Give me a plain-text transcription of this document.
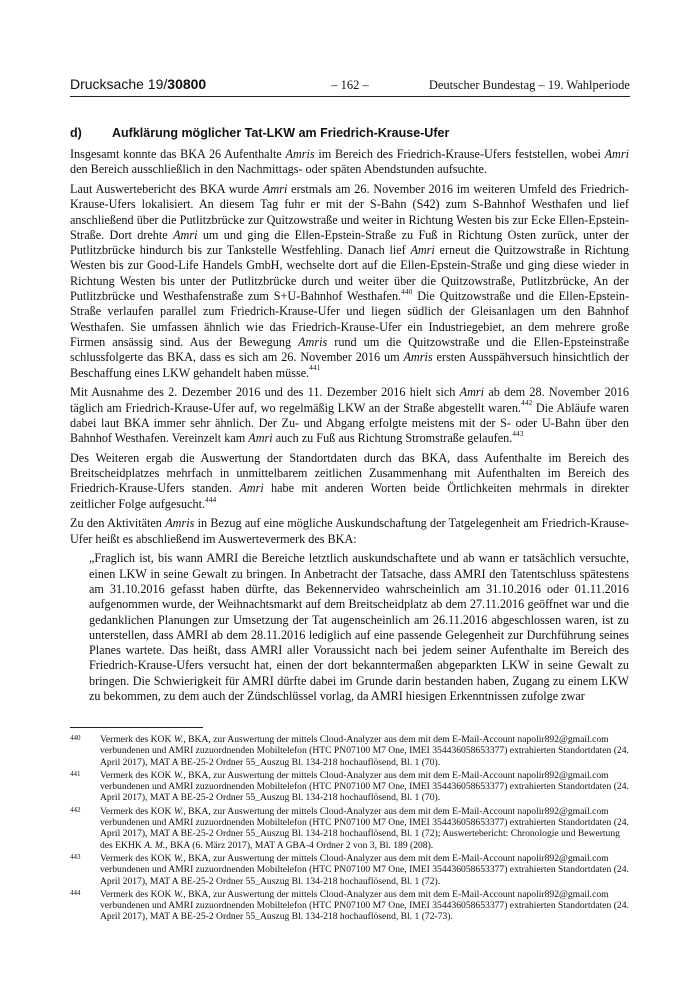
Drucksache 19/30800	– 162 –	Deutscher Bundestag – 19. Wahlperiode
d) Aufklärung möglicher Tat-LKW am Friedrich-Krause-Ufer

Insgesamt konnte das BKA 26 Aufenthalte Amris im Bereich des Friedrich-Krause-Ufers feststellen, wobei Amri den Bereich ausschließlich in den Nachmittags- oder späten Abendstunden aufsuchte.

Laut Auswertebericht des BKA wurde Amri erstmals am 26. November 2016 im weiteren Umfeld des Friedrich-Krause-Ufers lokalisiert. An diesem Tag fuhr er mit der S-Bahn (S42) zum S-Bahnhof Westhafen und lief anschließend über die Putlitzbrücke zur Quitzowstraße und weiter in Richtung Westen bis zur Ecke Ellen-Epstein-Straße. Dort drehte Amri um und ging die Ellen-Epstein-Straße zu Fuß in Richtung Osten zurück, unter der Putlitzbrücke hindurch bis zur Tankstelle Westfehling. Danach lief Amri erneut die Quitzowstraße in Richtung Westen bis zur Good-Life Handels GmbH, wechselte dort auf die Ellen-Epstein-Straße und ging diese wieder in Richtung Westen bis unter der Putlitzbrücke durch und weiter über die Quitzowstraße, Putlitzbrücke, An der Putlitzbrücke und Westhafenstraße zum S+U-Bahnhof Westhafen.$^{440}$ Die Quitzowstraße und die Ellen-Epstein-Straße verlaufen parallel zum Friedrich-Krause-Ufer und liegen südlich der Gleisanlagen um den Bahnhof Westhafen. Sie umfassen ähnlich wie das Friedrich-Krause-Ufer ein Industriegebiet, an dem mehrere große Firmen ansässig sind. Aus der Bewegung Amris rund um die Quitzowstraße und die Ellen-Epsteinstraße schlussfolgerte das BKA, dass es sich am 26. November 2016 um Amris ersten Ausspähversuch hinsichtlich der Beschaffung eines LKW gehandelt haben müsse.$^{441}$

Mit Ausnahme des 2. Dezember 2016 und des 11. Dezember 2016 hielt sich Amri ab dem 28. November 2016 täglich am Friedrich-Krause-Ufer auf, wo regelmäßig LKW an der Straße abgestellt waren.$^{442}$ Die Abläufe waren dabei laut BKA immer sehr ähnlich. Der Zu- und Abgang erfolgte meistens mit der S- oder U-Bahn über den Bahnhof Westhafen. Vereinzelt kam Amri auch zu Fuß aus Richtung Stromstraße gelaufen.$^{443}$

Des Weiteren ergab die Auswertung der Standortdaten durch das BKA, dass Aufenthalte im Bereich des Breitscheidplatzes mehrfach in unmittelbarem zeitlichen Zusammenhang mit Aufenthalten im Bereich des Friedrich-Krause-Ufers standen. Amri habe mit anderen Worten beide Örtlichkeiten mehrmals in direkter zeitlicher Folge aufgesucht.$^{444}$

Zu den Aktivitäten Amris in Bezug auf eine mögliche Auskundschaftung der Tatgelegenheit am Friedrich-Krause-Ufer heißt es abschließend im Auswertevermerk des BKA:

„Fraglich ist, bis wann AMRI die Bereiche letztlich auskundschaftete und ab wann er tatsächlich versuchte, einen LKW in seine Gewalt zu bringen. In Anbetracht der Tatsache, dass AMRI den Tatentschluss spätestens am 31.10.2016 gefasst haben dürfte, das Bekennervideo wahrscheinlich am 31.10.2016 oder 01.11.2016 aufgenommen wurde, der Weihnachtsmarkt auf dem Breitscheidplatz ab dem 27.11.2016 geöffnet war und die gedanklichen Planungen zur Umsetzung der Tat augenscheinlich am 26.11.2016 abgeschlossen waren, ist zu unterstellen, dass AMRI ab dem 28.11.2016 lediglich auf eine passende Gelegenheit zur Durchführung seines Planes wartete. Das heißt, dass AMRI aller Voraussicht nach bei jedem seiner Aufenthalte im Bereich des Friedrich-Krause-Ufers versucht hat, einen der dort bekanntermaßen abgeparkten LKW in seine Gewalt zu bringen. Die Schwierigkeit für AMRI dürfte dabei im Grunde darin bestanden haben, Zugang zu einem LKW zu bekommen, zu dem auch der Zündschlüssel vorlag, da AMRI hiesigen Erkenntnissen zufolge zwar

440 Vermerk des KOK W., BKA, zur Auswertung der mittels Cloud-Analyzer aus dem mit dem E-Mail-Account napolir892@gmail.com verbundenen und AMRI zuzuordnenden Mobiltelefon (HTC PN07100 M7 One, IMEI 354436058653377) extrahierten Standortdaten (24. April 2017), MAT A BE-25-2 Ordner 55_Auszug Bl. 134-218 hochauflösend, Bl. 1 (70).
441 Vermerk des KOK W., BKA, zur Auswertung der mittels Cloud-Analyzer aus dem mit dem E-Mail-Account napolir892@gmail.com verbundenen und AMRI zuzuordnenden Mobiltelefon (HTC PN07100 M7 One, IMEI 354436058653377) extrahierten Standortdaten (24. April 2017), MAT A BE-25-2 Ordner 55_Auszug Bl. 134-218 hochauflösend, Bl. 1 (70).
442 Vermerk des KOK W., BKA, zur Auswertung der mittels Cloud-Analyzer aus dem mit dem E-Mail-Account napolir892@gmail.com verbundenen und AMRI zuzuordnenden Mobiltelefon (HTC PN07100 M7 One, IMEI 354436058653377) extrahierten Standortdaten (24. April 2017), MAT A BE-25-2 Ordner 55_Auszug Bl. 134-218 hochauflösend, Bl. 1 (72); Auswertebericht: Chronologie und Bewertung des EKHK A. M., BKA (6. März 2017), MAT A GBA-4 Ordner 2 von 3, Bl. 189 (208).
443 Vermerk des KOK W., BKA, zur Auswertung der mittels Cloud-Analyzer aus dem mit dem E-Mail-Account napolir892@gmail.com verbundenen und AMRI zuzuordnenden Mobiltelefon (HTC PN07100 M7 One, IMEI 354436058653377) extrahierten Standortdaten (24. April 2017), MAT A BE-25-2 Ordner 55_Auszug Bl. 134-218 hochauflösend, Bl. 1 (72).
444 Vermerk des KOK W., BKA, zur Auswertung der mittels Cloud-Analyzer aus dem mit dem E-Mail-Account napolir892@gmail.com verbundenen und AMRI zuzuordnenden Mobiltelefon (HTC PN07100 M7 One, IMEI 354436058653377) extrahierten Standortdaten (24. April 2017), MAT A BE-25-2 Ordner 55_Auszug Bl. 134-218 hochauflösend, Bl. 1 (72-73).
